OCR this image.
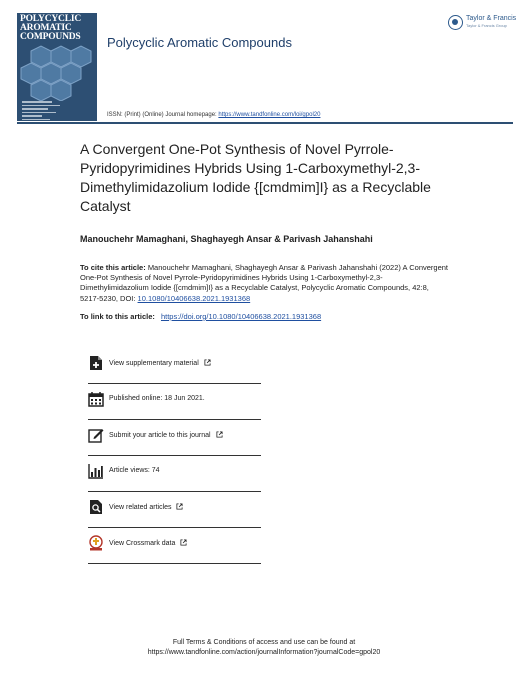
POLYCYCLIC AROMATIC COMPOUNDS	Polycyclic Aromatic Compounds
Taylor & Francis
Taylor & Francis Group
ISSN: (Print) (Online) Journal homepage: https://www.tandfonline.com/loi/gpol20
A Convergent One-Pot Synthesis of Novel Pyrrole-Pyridopyrimidines Hybrids Using 1-Carboxymethyl-2,3-Dimethylimidazolium Iodide {[cmdmim]I} as a Recyclable Catalyst
Manouchehr Mamaghani, Shaghayegh Ansar & Parivash Jahanshahi
To cite this article: Manouchehr Mamaghani, Shaghayegh Ansar & Parivash Jahanshahi (2022) A Convergent One-Pot Synthesis of Novel Pyrrole-Pyridopyrimidines Hybrids Using 1-Carboxymethyl-2,3-Dimethylimidazolium Iodide {[cmdmim]I} as a Recyclable Catalyst, Polycyclic Aromatic Compounds, 42:8, 5217-5230, DOI: 10.1080/10406638.2021.1931368
To link to this article: https://doi.org/10.1080/10406638.2021.1931368
View supplementary material
Published online: 18 Jun 2021.
Submit your article to this journal
Article views: 74
View related articles
View Crossmark data
Full Terms & Conditions of access and use can be found at
https://www.tandfonline.com/action/journalInformation?journalCode=gpol20
